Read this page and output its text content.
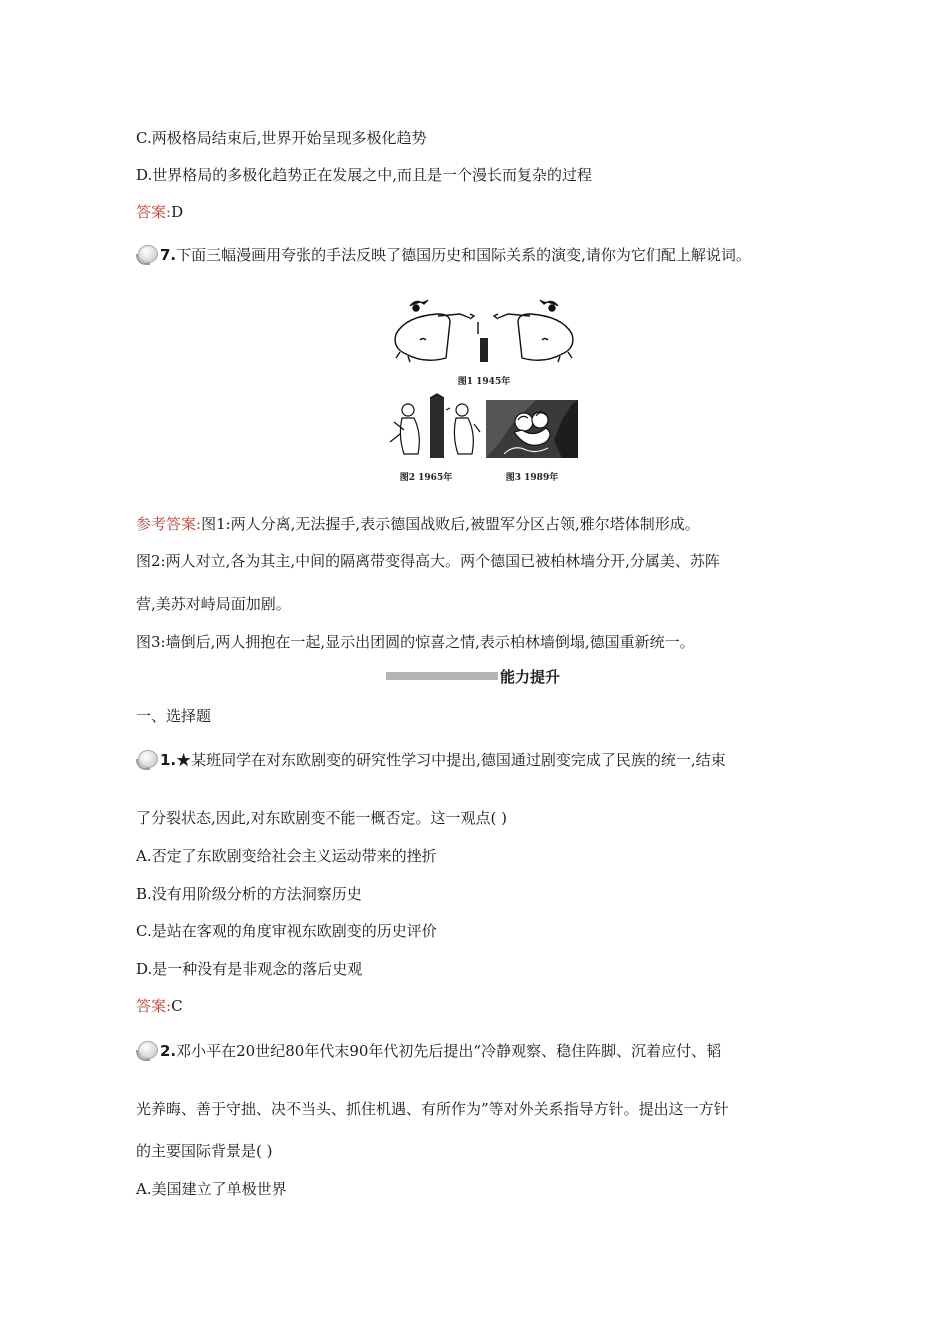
C.两极格局结束后,世界开始呈现多极化趋势
D.世界格局的多极化趋势正在发展之中,而且是一个漫长而复杂的过程
答案:D
7.下面三幅漫画用夸张的手法反映了德国历史和国际关系的演变,请你为它们配上解说词。
图1 1945年
图2 1965年	图3 1989年
参考答案:图1:两人分离,无法握手,表示德国战败后,被盟军分区占领,雅尔塔体制形成。
图2:两人对立,各为其主,中间的隔离带变得高大。两个德国已被柏林墙分开,分属美、苏阵
营,美苏对峙局面加剧。
图3:墙倒后,两人拥抱在一起,显示出团圆的惊喜之情,表示柏林墙倒塌,德国重新统一。
能力提升
一、选择题
1.★某班同学在对东欧剧变的研究性学习中提出,德国通过剧变完成了民族的统一,结束
了分裂状态,因此,对东欧剧变不能一概否定。这一观点( )
A.否定了东欧剧变给社会主义运动带来的挫折
B.没有用阶级分析的方法洞察历史
C.是站在客观的角度审视东欧剧变的历史评价
D.是一种没有是非观念的落后史观
答案:C
2.邓小平在20世纪80年代末90年代初先后提出“冷静观察、稳住阵脚、沉着应付、韬
光养晦、善于守拙、决不当头、抓住机遇、有所作为”等对外关系指导方针。提出这一方针
的主要国际背景是( )
A.美国建立了单极世界
